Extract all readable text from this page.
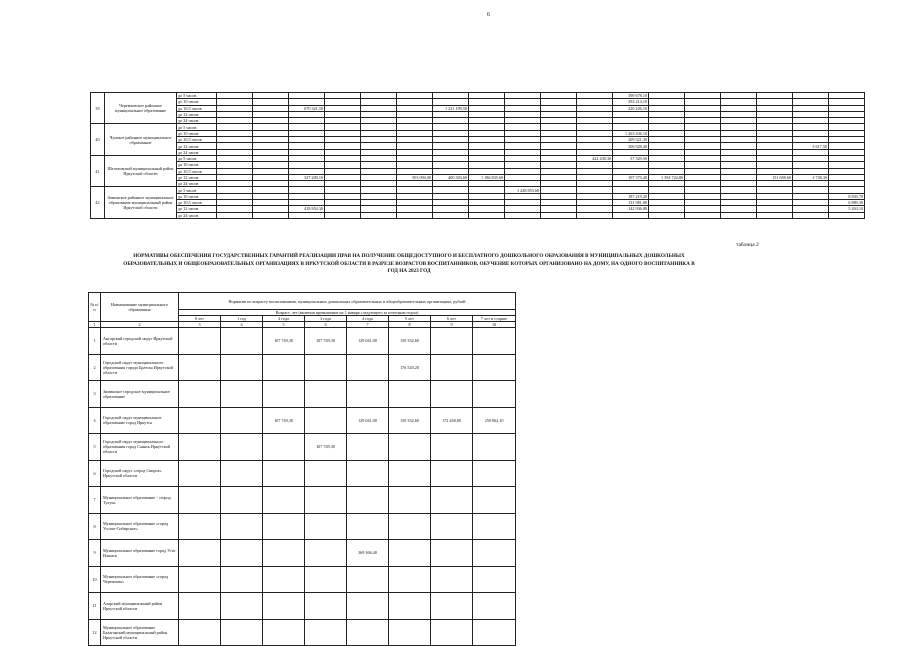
6
39	Черемховское районное муниципальное образование	до 5 часов												390 678,10						
		до 10 часов												293 214,10						
		до 10,5 часов			670 321,50				1 221 199,50					220 226,10						
		до 12 часов																		
		до 24 часов																		
40	Чунское районное муниципальное образование	до 5 часов																		
		до 10 часов												1 263 436,10						
		до 10,5 часов												209 321,30						
		до 12 часов												306 928,40					3 617,50	
		до 24 часов																		
41	Шелеховский муниципальный район Иркутской области	до 5 часов											422 438,30	57 329,50						
		до 10 часов																		
		до 10,5 часов																		
		до 12 часов			327 209,10			503 094,00	400 303,60	1 186 835,60				107 373,40	1 394 724,80			151 658,60	2 738,30	
		до 24 часов																		
42	Зиминское районное муниципальное образование муниципальный район Иркутской области	до 5 часов									1 228 853,60									
		до 10 часов												187 219,20						8 830,70
		до 10,5 часов												131 981,00						6 889,30
		до 12 часов			418 854,30									142 936,80						5 263,10
		до 24 часов																		
таблица 2
НОРМАТИВЫ ОБЕСПЕЧЕНИЯ ГОСУДАРСТВЕННЫХ ГАРАНТИЙ РЕАЛИЗАЦИИ ПРАВ НА ПОЛУЧЕНИЕ ОБЩЕДОСТУПНОГО И БЕСПЛАТНОГО ДОШКОЛЬНОГО ОБРАЗОВАНИЯ В МУНИЦИПАЛЬНЫХ ДОШКОЛЬНЫХ ОБРАЗОВАТЕЛЬНЫХ И ОБЩЕОБРАЗОВАТЕЛЬНЫХ ОРГАНИЗАЦИЯХ В ИРКУТСКОЙ ОБЛАСТИ В РАЗРЕЗЕ ВОЗРАСТОВ ВОСПИТАННИКОВ, ОБУЧЕНИЕ КОТОРЫХ ОРГАНИЗОВАНО НА ДОМУ, НА ОДНОГО ВОСПИТАННИКА В ГОД НА 2023 ГОД
№ п/п	Наименование муниципального образования	Норматив по возрасту воспитанников, муниципальных дошкольных образовательных и общеобразовательных организациях, рублей							
		Возраст, лет (включая превышение на 1 января следующего за отчетным годом)							
		0 лет	1 год	2 года	3 года	4 года	5 лет	6 лет	7 лет и старше
1	2	3	4	5	6	7	8	9	10
1	Ангарский городской округ Иркутской области			107 749,30	107 749,30	129 041,00	150 332,60		
2	Городской округ муниципального образования города Братска Иркутской области						176 520,20		
3	Зиминское городское муниципальное образование								
4	Городской округ муниципальное образование город Иркутск			107 749,30		129 041,00	150 332,60	172 268,80	250 062,10
5	Городской округ муниципального образования город Саянск Иркутской области				107 749,30				
6	Городской округ «город Свирск» Иркутской области								
7	Муниципальное образование - «город Тулун»								
8	Муниципальное образование «город Усолье-Сибирское»								
9	Муниципальное образование город Усть-Илимск					369 366,40			
10	Муниципальное образование «город Черемхово»								
11	Аларский муниципальный район Иркутской области								
12	Муниципальное образование Балаганский муниципальный район Иркутской области								
